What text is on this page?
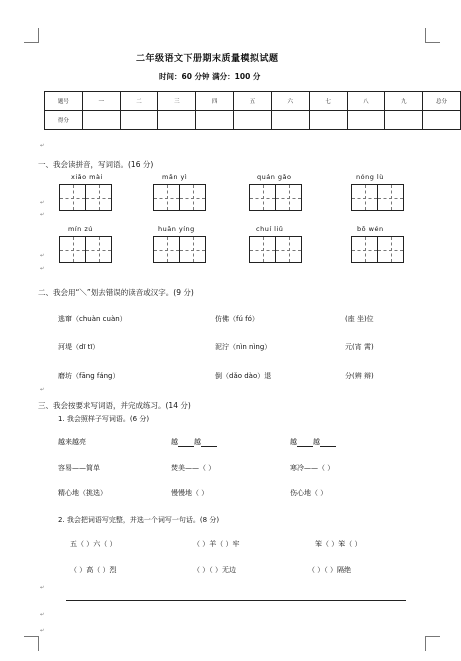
二年级语文下册期末质量模拟试题
时间：60 分钟 满分：100 分
题号	一	二	三	四	五	六	七	八	九	总分
得分										
一、我会读拼音，写词语。(16 分)
xiǎo mài	mǎn yì	quán gǎo	nóng lù
mín zú	huān yíng	chuí liǔ	bō wén
二、我会用“＼”划去错误的读音或汉字。(9 分)
逃窜（chuàn cuàn）	仿佛（fú fó）	(座 坐)位
河堤（dī tī）	泥泞（nìn nìng）	元(宵 霄)
磨坊（fāng fáng）	倒（dǎo dào）退	分(辨 辩)
三、我会按要求写词语，并完成练习。(14 分)
1. 我会照样子写词语。(6 分)
越来越亮	越 越	越 越
容易——简单	焚美——（ ）	寒冷——（ ）
精心地（挑选）	慢慢地（ ）	伤心地（ ）
2. 我会把词语写完整，并选一个词写一句话。(8 分)
五（ ）六（ ）	（ ）羊（ ）牢	笨（ ）笨（ ）
（ ）高（ ）烈	（ ）（ ）无边	（ ）（ ）隔绝
↵
↵
↵
↵
↵
↵
↵
↵
↵
